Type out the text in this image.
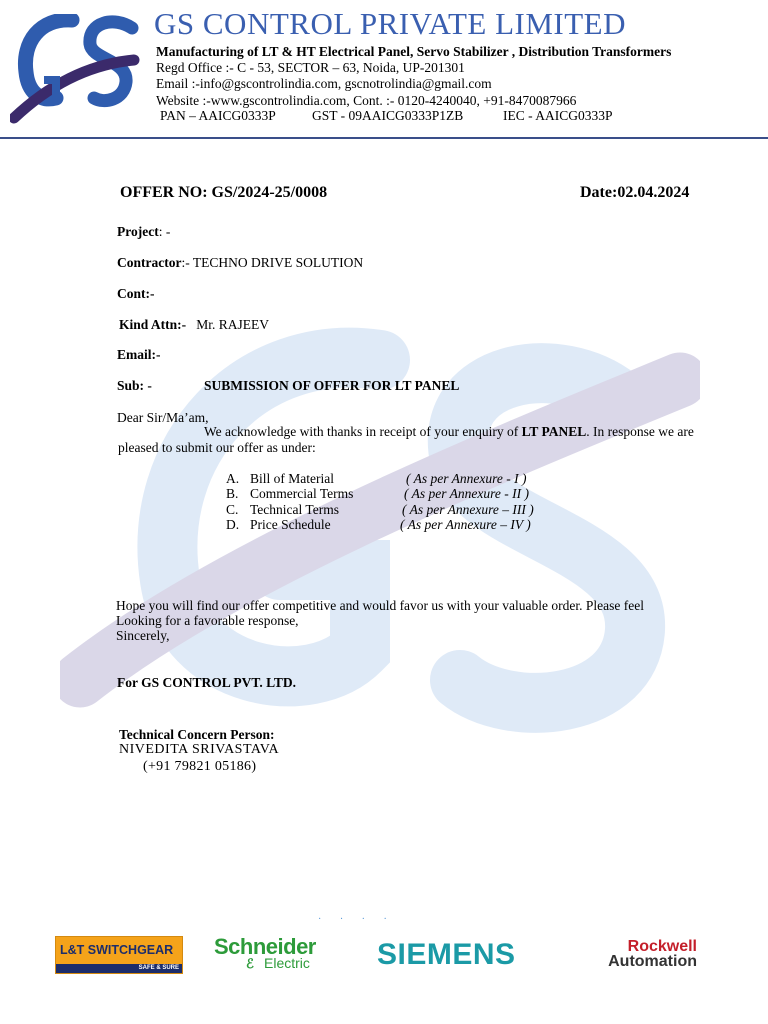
GS CONTROL PRIVATE LIMITED
Manufacturing of LT & HT Electrical Panel, Servo Stabilizer , Distribution Transformers
Regd Office :- C - 53, SECTOR – 63, Noida, UP-201301
Email :-info@gscontrolindia.com, gscnotrolindia@gmail.com
Website :-www.gscontrolindia.com, Cont. :- 0120-4240040, +91-8470087966
PAN – AAICG0333P	GST - 09AAICG0333P1ZB	IEC - AAICG0333P
OFFER NO: GS/2024-25/0008	Date:02.04.2024
Project: -
Contractor:- TECHNO DRIVE SOLUTION
Cont:-
Kind Attn:- Mr. RAJEEV
Email:-
Sub: -	SUBMISSION OF OFFER FOR LT PANEL
Dear Sir/Ma’am,
We acknowledge with thanks in receipt of your enquiry of LT PANEL. In response we are pleased to submit our offer as under:
A. Bill of Material	( As per Annexure - I )
B. Commercial Terms	( As per Annexure - II )
C. Technical Terms	( As per Annexure – III )
D. Price Schedule	( As per Annexure – IV )
Hope you will find our offer competitive and would favor us with your valuable order. Please feel
Looking for a favorable response,
Sincerely,
For GS CONTROL PVT. LTD.
Technical Concern Person:
NIVEDITA SRIVASTAVA
(+91 79821 05186)
· · · ·
L&T SWITCHGEAR
SAFE & SURE
Schneider
ℰ Electric SIEMENS	Rockwell
Automation
